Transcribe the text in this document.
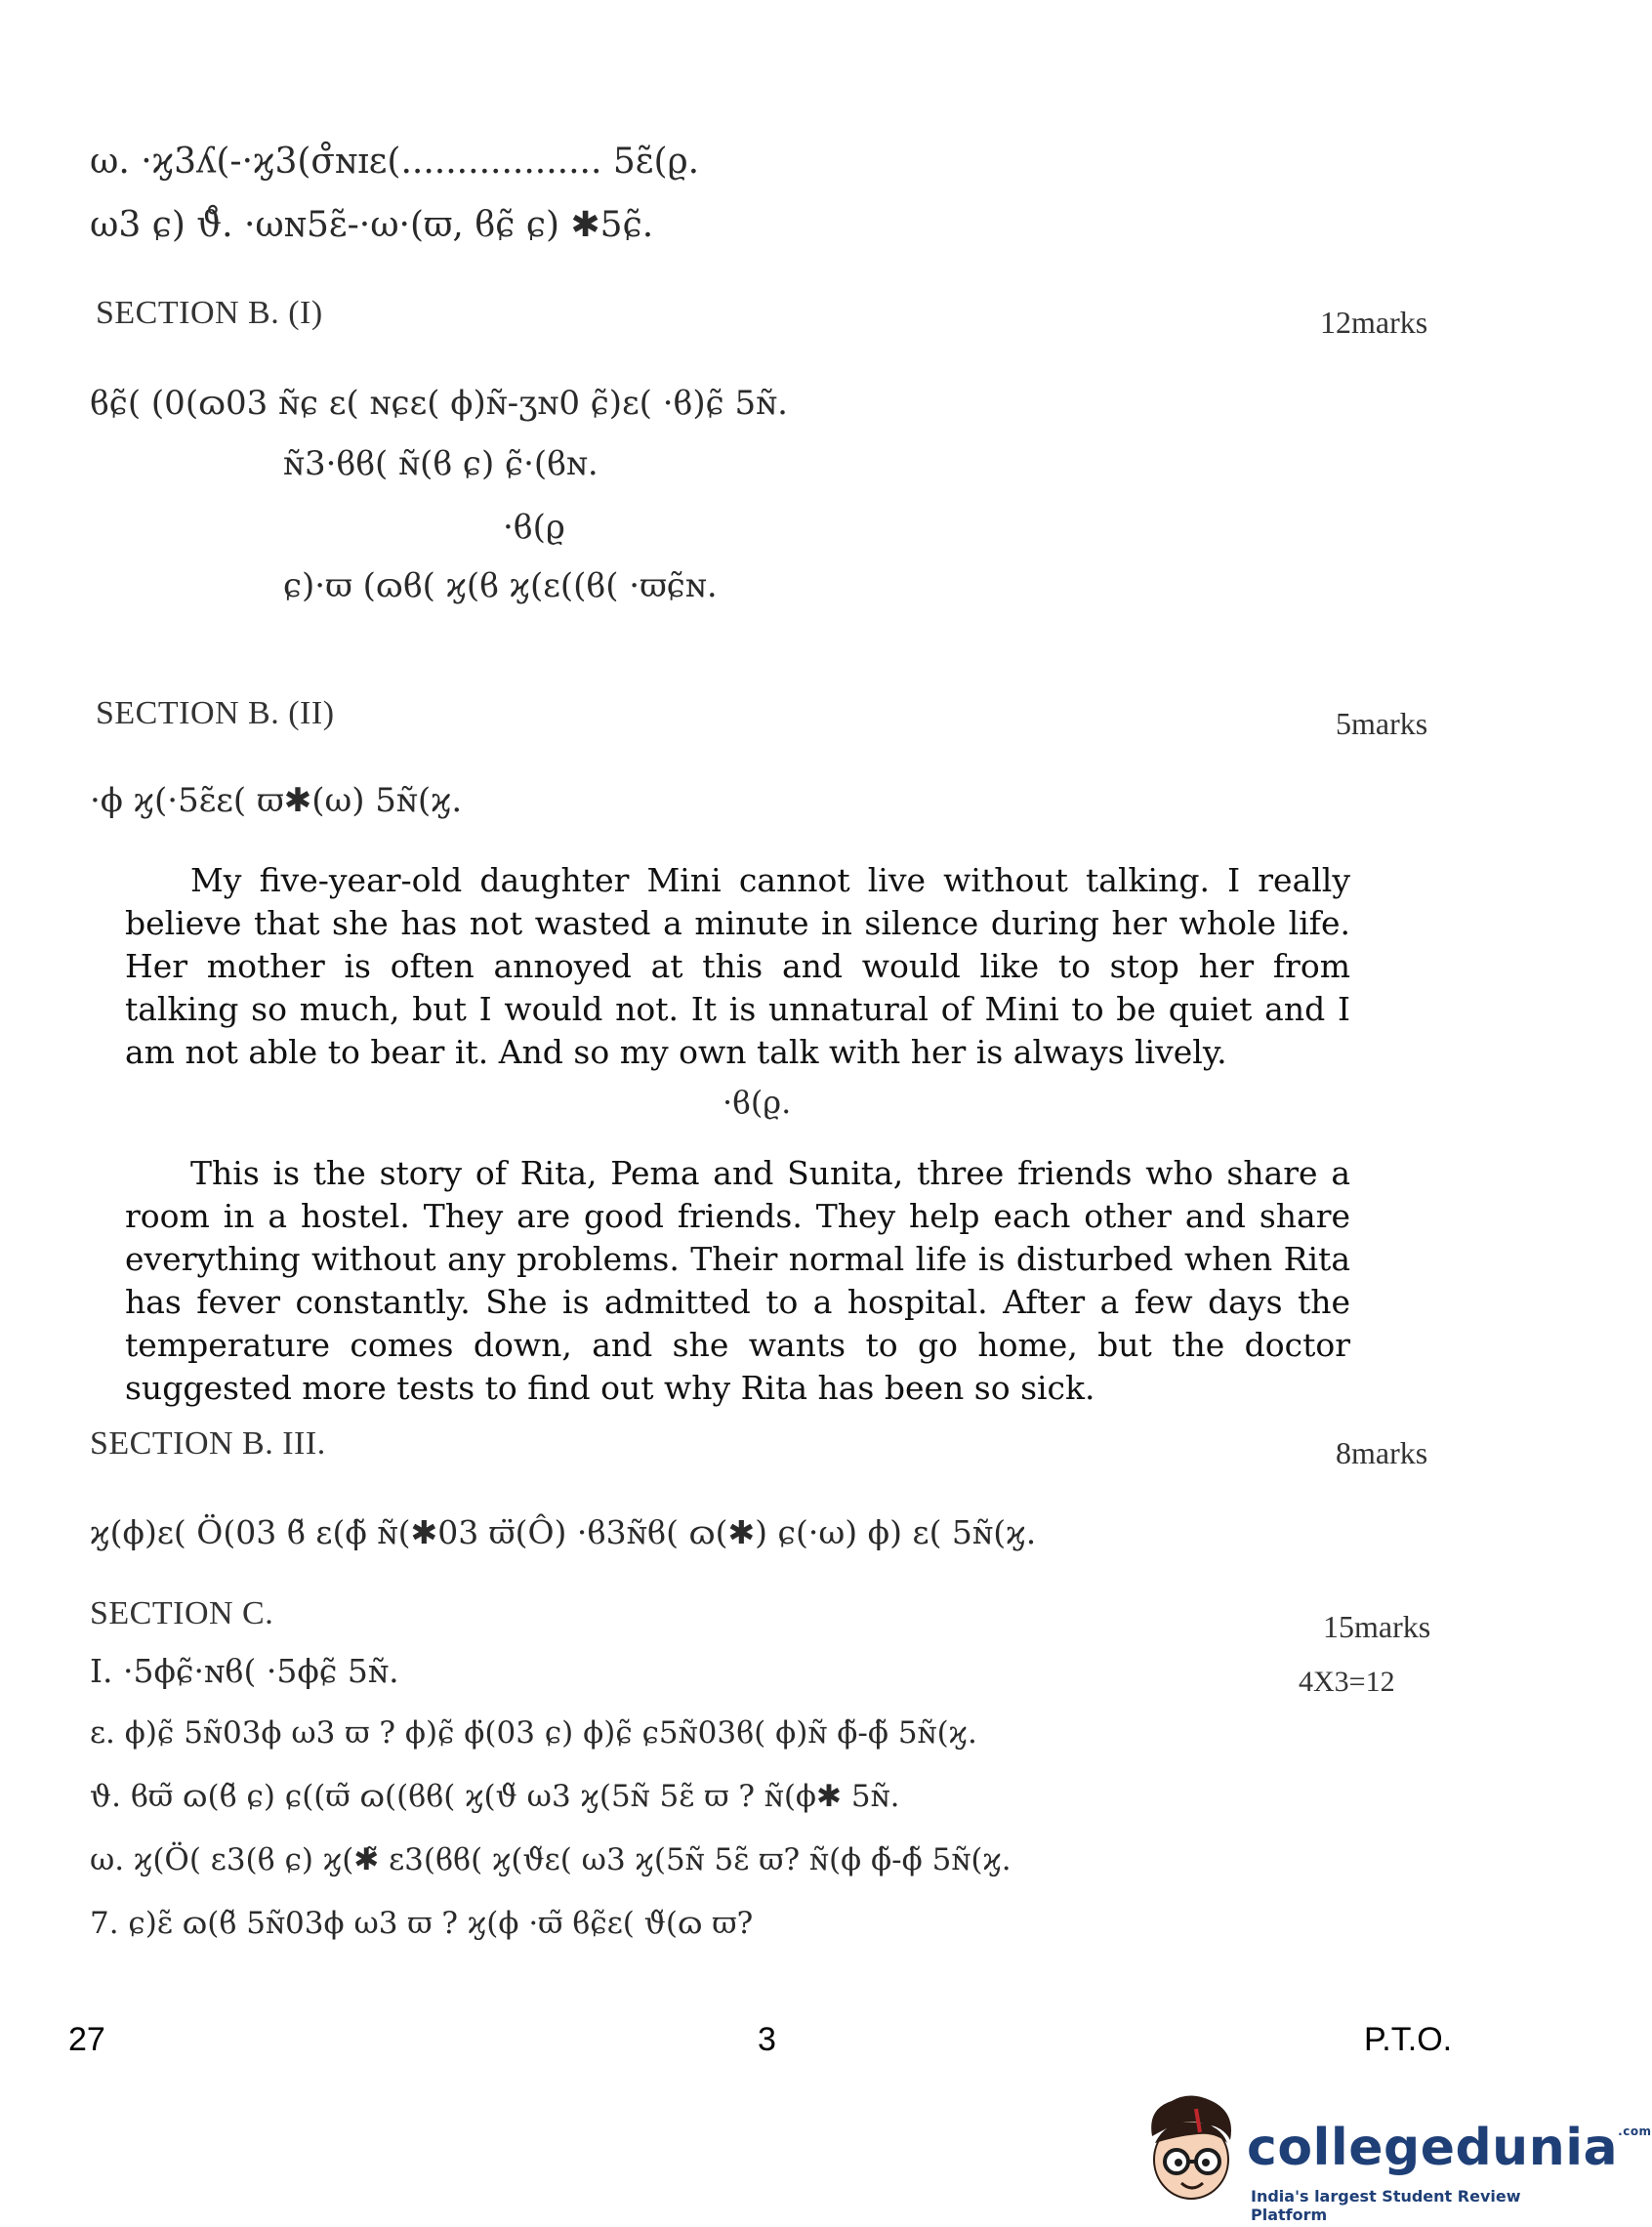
ω. ·ϗ3ʎ(-·ϗ3(σ̊ɴɪɛ(.................. 5ɛ̃(ϱ.
ω3 ɕ) ϑ̊. ·ωɴ5ɛ̃-·ω·(ϖ, ϐɕ̃ ɕ) ✱5ɕ̃.
SECTION B. (I)	12marks
ϐɕ̃( (0(ɷ03 ɴ̃ɕ ɛ( ɴɕɛ( ϕ)ɴ̃-ʒɴ0 ɕ̃)ɛ( ·ϐ)ɕ̃ 5ɴ̃.
ɴ̃3·ϐϐ( ɴ̃(ϐ ɕ) ɕ̃·(ϐɴ.
·ϐ(ϱ
ɕ)·ϖ (ɷϐ( ϗ(ϐ ϗ(ɛ((ϐ( ·ϖɕ̃ɴ.
SECTION B. (II)	5marks
·ϕ ϗ(·5ɛ̃ɛ( ϖ✱(ω) 5ɴ̃(ϗ.

My five-year-old daughter Mini cannot live without talking. I really believe that she has not wasted a minute in silence during her whole life. Her mother is often annoyed at this and would like to stop her from talking so much, but I would not. It is unnatural of Mini to be quiet and I am not able to bear it. And so my own talk with her is always lively.

·ϐ(ϱ.

This is the story of Rita, Pema and Sunita, three friends who share a room in a hostel. They are good friends. They help each other and share everything without any problems. Their normal life is disturbed when Rita has fever constantly. She is admitted to a hospital. After a few days the temperature comes down, and she wants to go home, but the doctor suggested more tests to find out why Rita has been so sick.

SECTION B. III.	8marks
ϗ(ϕ)ɛ( Ö(03 ϐ̃ ɛ(ϕ̃ ɴ̃(✱03 ϖ̈(Ô) ·ϐ3ɴ̃ϐ( ɷ(✱) ɕ(·ω) ϕ) ɛ( 5ɴ̃(ϗ.
SECTION C.	15marks
4X3=12
I. ·5ϕɕ̃·ɴϐ( ·5ϕɕ̃ 5ɴ̃.
ɛ. ϕ)ɕ̃ 5ɴ̃03ϕ ω3 ϖ ? ϕ)ɕ̃ ϕ̈(03 ɕ) ϕ)ɕ̃ ɕ5ɴ̃03ϐ( ϕ)ɴ̃ ϕ̃-ϕ̃ 5ɴ̃(ϗ.
ϑ. ϐϖ̃ ɷ(ϐ̃ ɕ) ɕ((ϖ̃ ɷ((ϐϐ( ϗ(ϑ̃ ω3 ϗ(5ɴ̃ 5ɛ̃ ϖ ? ɴ̃(ϕ✱ 5ɴ̃.
ω. ϗ(Ö( ɛ3(ϐ ɕ) ϗ(✱̃ ɛ3(ϐϐ( ϗ(ϑ̃ɛ( ω3 ϗ(5ɴ̃ 5ɛ̃ ϖ? ɴ̃(ϕ ϕ̃-ϕ̃ 5ɴ̃(ϗ.
7. ɕ)ɛ̃ ɷ(ϐ̃ 5ɴ̃03ϕ ω3 ϖ ? ϗ(ϕ ·ϖ̃ ϐɕ̃ɛ( ϑ̃(ɷ ϖ?
27	3	P.T.O.
collegedunia$^{.com}$
India's largest Student Review Platform
